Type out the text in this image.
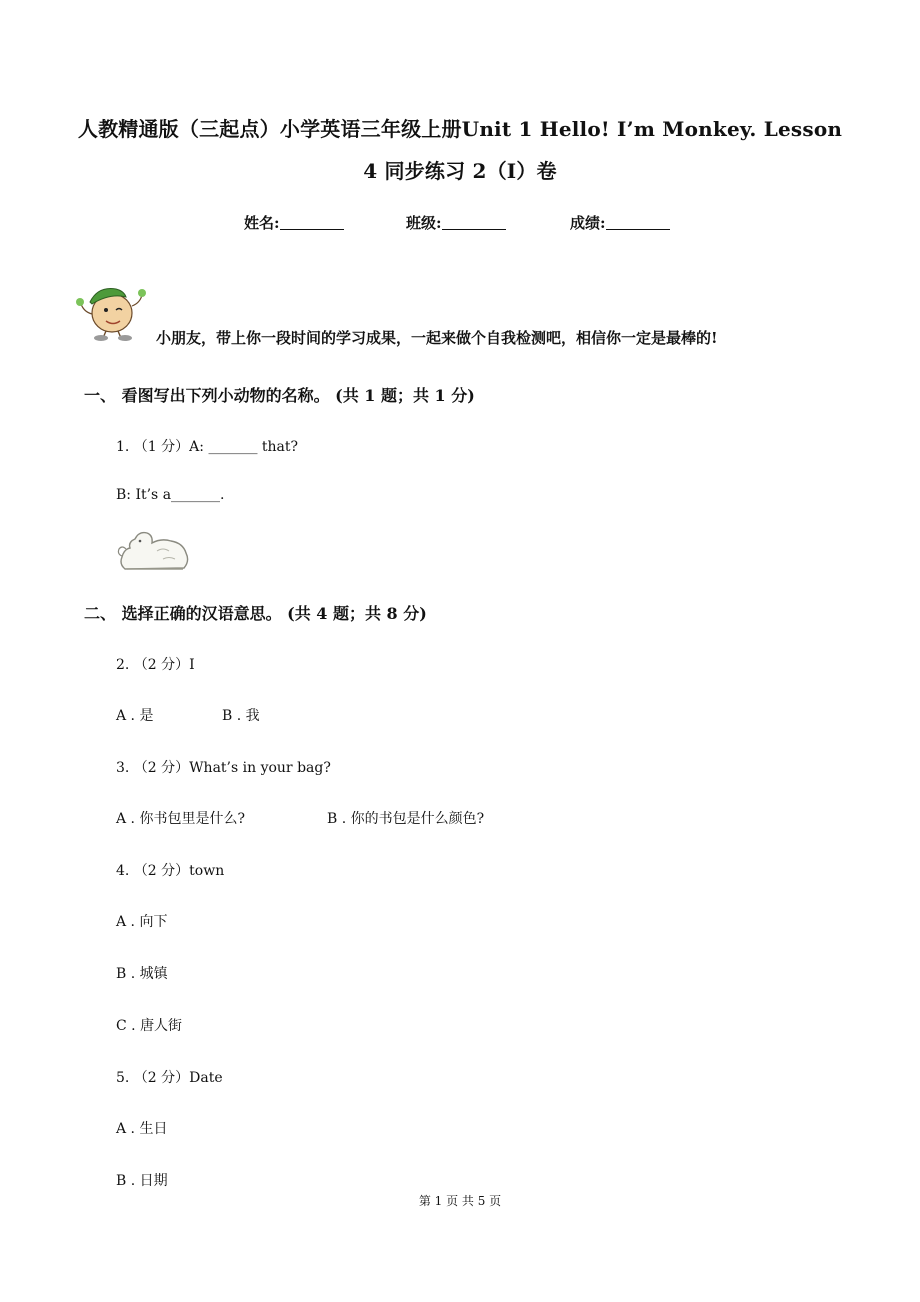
人教精通版（三起点）小学英语三年级上册Unit 1 Hello! I’m Monkey. Lesson
4 同步练习 2（I）卷
姓名:	班级:	成绩:
小朋友，带上你一段时间的学习成果，一起来做个自我检测吧，相信你一定是最棒的!
一、 看图写出下列小动物的名称。 (共 1 题；共 1 分)
1. （1 分）A: _______ that?
B: It’s a_______.
二、 选择正确的汉语意思。 (共 4 题；共 8 分)
2. （2 分）I
A . 是	B . 我
3. （2 分）What’s in your bag?
A . 你书包里是什么?	B . 你的书包是什么颜色?
4. （2 分）town
A . 向下
B . 城镇
C . 唐人街
5. （2 分）Date
A . 生日
B . 日期
第 1 页 共 5 页
